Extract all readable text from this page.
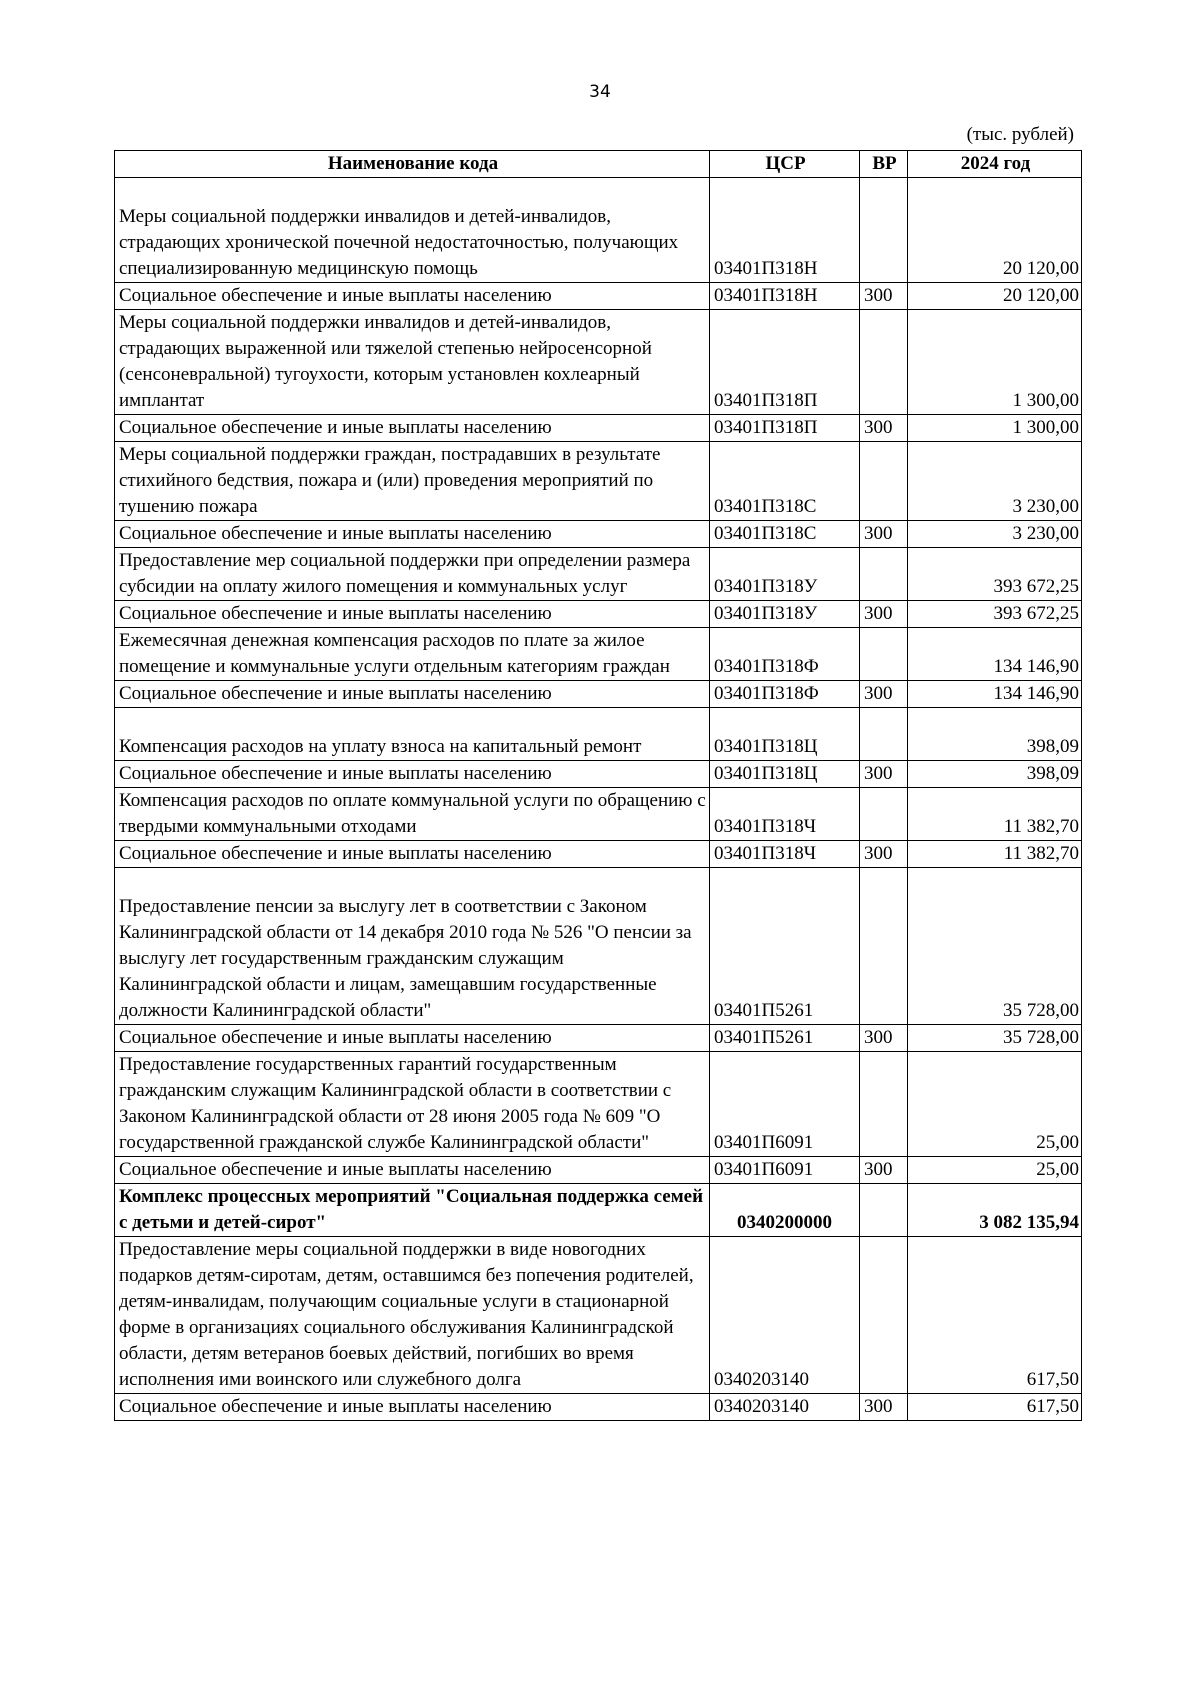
34
(тыс. рублей)
Наименование кода	ЦСР	ВР	2024 год
Меры социальной поддержки инвалидов и детей-инвалидов, страдающих хронической почечной недостаточностью, получающих специализированную медицинскую помощь	03401П318Н		20 120,00
Социальное обеспечение и иные выплаты населению	03401П318Н	300	20 120,00
Меры социальной поддержки инвалидов и детей-инвалидов, страдающих выраженной или тяжелой степенью нейросенсорной (сенсоневральной) тугоухости, которым установлен кохлеарный имплантат	03401П318П		1 300,00
Социальное обеспечение и иные выплаты населению	03401П318П	300	1 300,00
Меры социальной поддержки граждан, пострадавших в результате стихийного бедствия, пожара и (или) проведения мероприятий по тушению пожара	03401П318С		3 230,00
Социальное обеспечение и иные выплаты населению	03401П318С	300	3 230,00
Предоставление мер социальной поддержки при определении размера субсидии на оплату жилого помещения и коммунальных услуг	03401П318У		393 672,25
Социальное обеспечение и иные выплаты населению	03401П318У	300	393 672,25
Ежемесячная денежная компенсация расходов по плате за жилое помещение и коммунальные услуги отдельным категориям граждан	03401П318Ф		134 146,90
Социальное обеспечение и иные выплаты населению	03401П318Ф	300	134 146,90
Компенсация расходов на уплату взноса на капитальный ремонт	03401П318Ц		398,09
Социальное обеспечение и иные выплаты населению	03401П318Ц	300	398,09
Компенсация расходов по оплате коммунальной услуги по обращению с твердыми коммунальными отходами	03401П318Ч		11 382,70
Социальное обеспечение и иные выплаты населению	03401П318Ч	300	11 382,70
Предоставление пенсии за выслугу лет в соответствии с Законом Калининградской области от 14 декабря 2010 года № 526 "О пенсии за выслугу лет государственным гражданским служащим Калининградской области и лицам, замещавшим государственные должности Калининградской области"	03401П5261		35 728,00
Социальное обеспечение и иные выплаты населению	03401П5261	300	35 728,00
Предоставление государственных гарантий государственным гражданским служащим Калининградской области в соответствии с Законом Калининградской области от 28 июня 2005 года № 609 "О государственной гражданской службе Калининградской области"	03401П6091		25,00
Социальное обеспечение и иные выплаты населению	03401П6091	300	25,00
Комплекс процессных мероприятий "Социальная поддержка семей с детьми и детей-сирот"	0340200000		3 082 135,94
Предоставление меры социальной поддержки в виде новогодних подарков детям-сиротам, детям, оставшимся без попечения родителей, детям-инвалидам, получающим социальные услуги в стационарной форме в организациях социального обслуживания Калининградской области, детям ветеранов боевых действий, погибших во время исполнения ими воинского или служебного долга	0340203140		617,50
Социальное обеспечение и иные выплаты населению	0340203140	300	617,50
